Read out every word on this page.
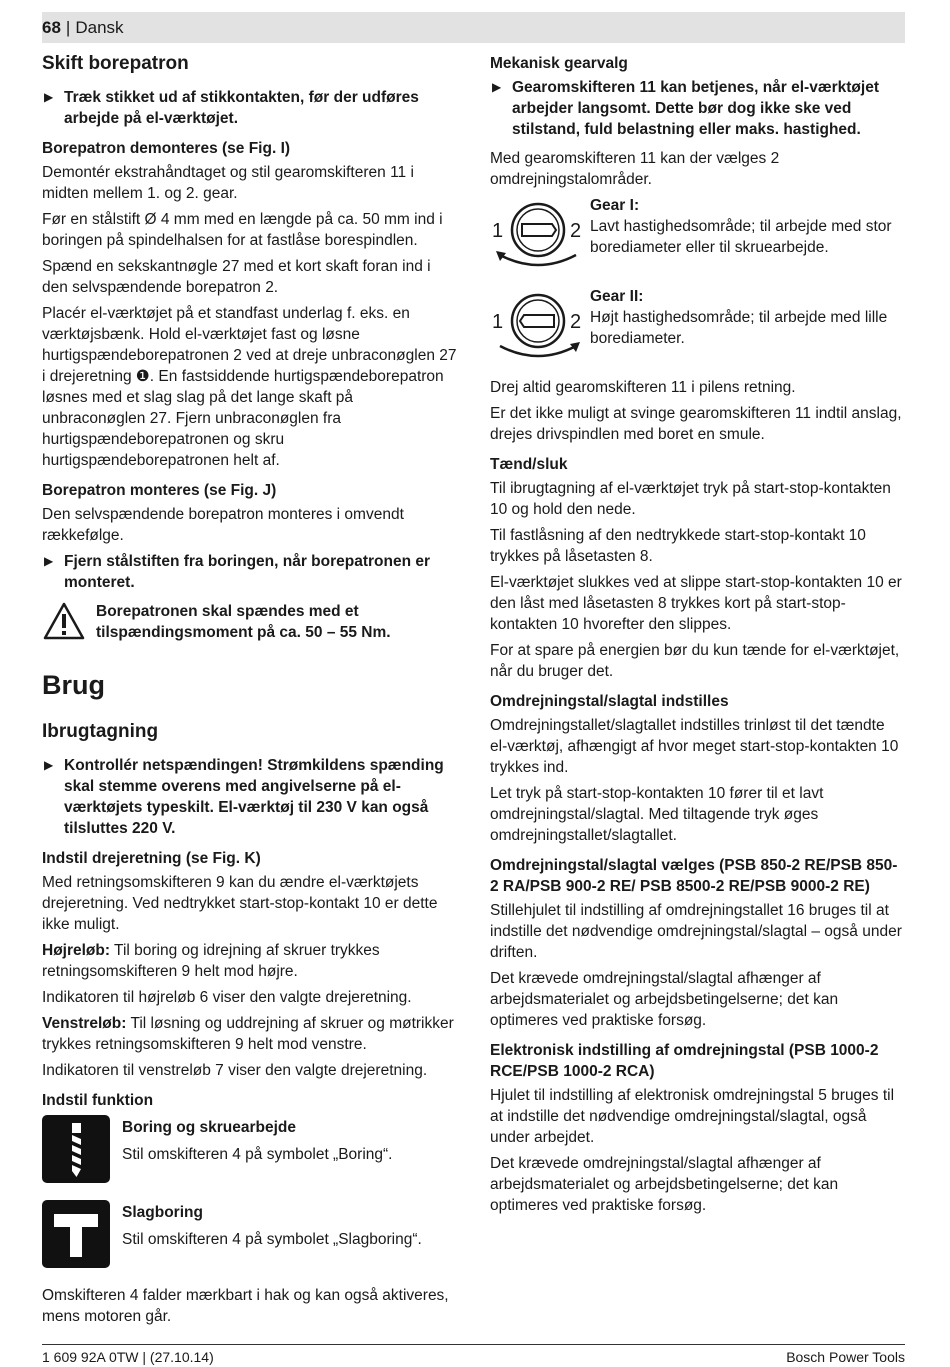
68 | Dansk
Skift borepatron
▶ Træk stikket ud af stikkontakten, før der udføres arbejde på el-værktøjet.
Borepatron demonteres (se Fig. I)

Demontér ekstrahåndtaget og stil gearomskifteren 11 i midten mellem 1. og 2. gear.

Før en stålstift Ø 4 mm med en længde på ca. 50 mm ind i boringen på spindelhalsen for at fastlåse borespindlen.

Spænd en sekskantnøgle 27 med et kort skaft foran ind i den selvspændende borepatron 2.

Placér el-værktøjet på et standfast underlag f. eks. en værktøjsbænk. Hold el-værktøjet fast og løsne hurtigspændeborepatronen 2 ved at dreje unbraconøglen 27 i drejeretning ❶. En fastsiddende hurtigspændeborepatron løsnes med et slag slag på det lange skaft på unbraconøglen 27. Fjern unbraconøglen fra hurtigspændeborepatronen og skru hurtigspændeborepatronen helt af.

Borepatron monteres (se Fig. J)

Den selvspændende borepatron monteres i omvendt rækkefølge.

▶ Fjern stålstiften fra boringen, når borepatronen er monteret.
Borepatronen skal spændes med et tilspændingsmoment på ca. 50 – 55 Nm.
Brug
Ibrugtagning
▶ Kontrollér netspændingen! Strømkildens spænding skal stemme overens med angivelserne på el-værktøjets typeskilt. El-værktøj til 230 V kan også tilsluttes 220 V.
Indstil drejeretning (se Fig. K)

Med retningsomskifteren 9 kan du ændre el-værktøjets drejeretning. Ved nedtrykket start-stop-kontakt 10 er dette ikke muligt.

Højreløb: Til boring og idrejning af skruer trykkes retningsomskifteren 9 helt mod højre.

Indikatoren til højreløb 6 viser den valgte drejeretning.

Venstreløb: Til løsning og uddrejning af skruer og møtrikker trykkes retningsomskifteren 9 helt mod venstre.

Indikatoren til venstreløb 7 viser den valgte drejeretning.

Indstil funktion
Boring og skruearbejde

Stil omskifteren 4 på symbolet „Boring“.

Slagboring

Stil omskifteren 4 på symbolet „Slagboring“.

Omskifteren 4 falder mærkbart i hak og kan også aktiveres, mens motoren går.

Mekanisk gearvalg
▶ Gearomskifteren 11 kan betjenes, når el-værktøjet arbejder langsomt. Dette bør dog ikke ske ved stilstand, fuld belastning eller maks. hastighed.

Med gearomskifteren 11 kan der vælges 2 omdrejningstalområder.

1	2
Gear I:
Lavt hastighedsområde; til arbejde med stor borediameter eller til skruearbejde.
1	2
Gear II:
Højt hastighedsområde; til arbejde med lille borediameter.

Drej altid gearomskifteren 11 i pilens retning.

Er det ikke muligt at svinge gearomskifteren 11 indtil anslag, drejes drivspindlen med boret en smule.

Tænd/sluk

Til ibrugtagning af el-værktøjet tryk på start-stop-kontakten 10 og hold den nede.

Til fastlåsning af den nedtrykkede start-stop-kontakt 10 trykkes på låsetasten 8.

El-værktøjet slukkes ved at slippe start-stop-kontakten 10 er den låst med låsetasten 8 trykkes kort på start-stop-kontakten 10 hvorefter den slippes.

For at spare på energien bør du kun tænde for el-værktøjet, når du bruger det.

Omdrejningstal/slagtal indstilles

Omdrejningstallet/slagtallet indstilles trinløst til det tændte el-værktøj, afhængigt af hvor meget start-stop-kontakten 10 trykkes ind.

Let tryk på start-stop-kontakten 10 fører til et lavt omdrejningstal/slagtal. Med tiltagende tryk øges omdrejningstallet/slagtallet.

Omdrejningstal/slagtal vælges (PSB 850-2 RE/PSB 850-2 RA/PSB 900-2 RE/ PSB 8500-2 RE/PSB 9000-2 RE)

Stillehjulet til indstilling af omdrejningstallet 16 bruges til at indstille det nødvendige omdrejningstal/slagtal – også under driften.

Det krævede omdrejningstal/slagtal afhænger af arbejdsmaterialet og arbejdsbetingelserne; det kan optimeres ved praktiske forsøg.

Elektronisk indstilling af omdrejningstal (PSB 1000-2 RCE/PSB 1000-2 RCA)

Hjulet til indstilling af elektronisk omdrejningstal 5 bruges til at indstille det nødvendige omdrejningstal/slagtal, også under arbejdet.

Det krævede omdrejningstal/slagtal afhænger af arbejdsmaterialet og arbejdsbetingelserne; det kan optimeres ved praktiske forsøg.

1 609 92A 0TW | (27.10.14)	Bosch Power Tools
